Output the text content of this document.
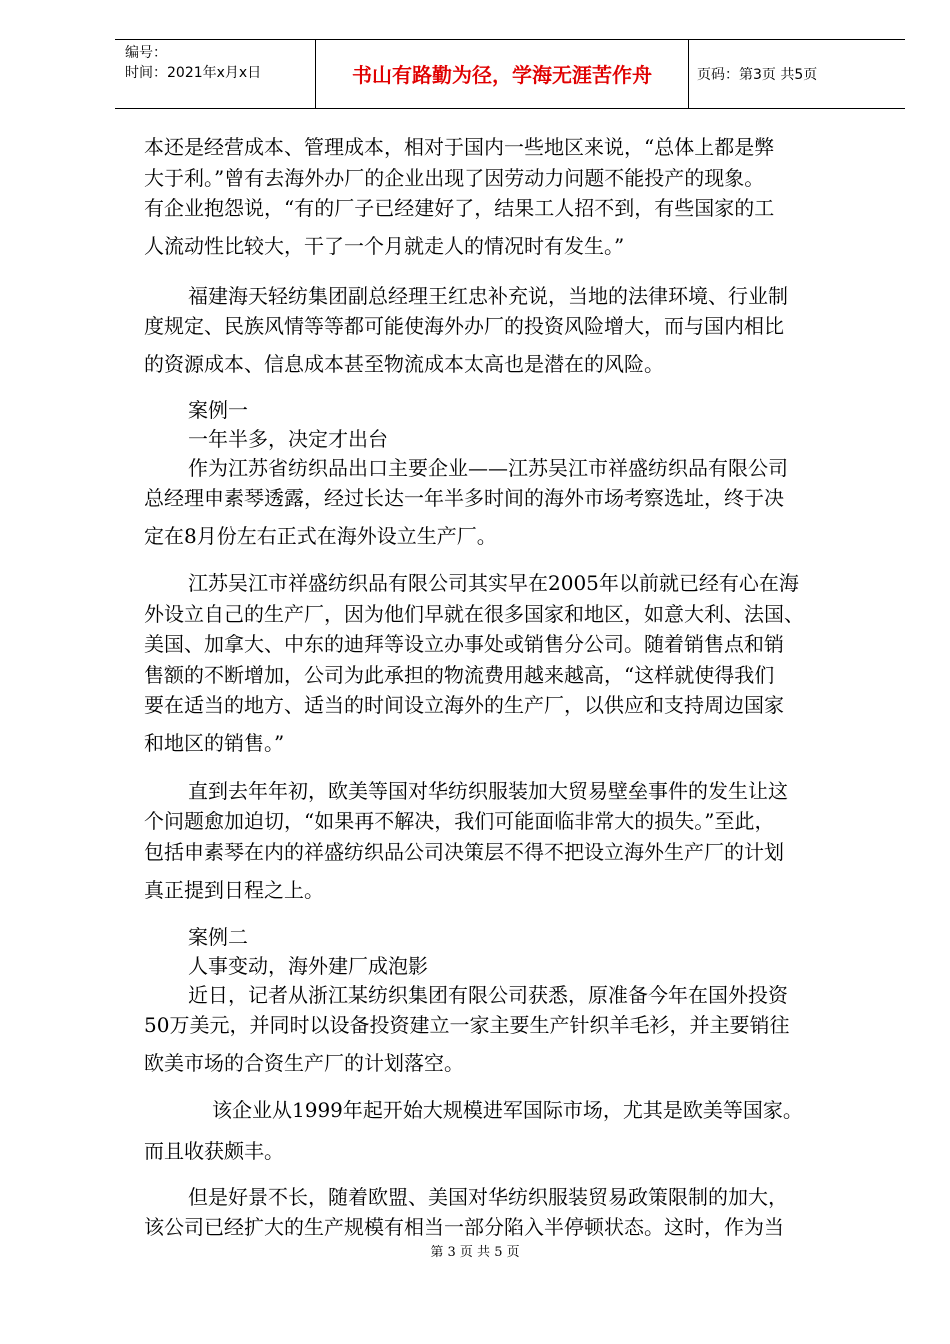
编号：
时间：2021年x月x日	书山有路勤为径，学海无涯苦作舟	页码：第3页 共5页
本还是经营成本、管理成本，相对于国内一些地区来说，“总体上都是弊
大于利。”曾有去海外办厂的企业出现了因劳动力问题不能投产的现象。
有企业抱怨说，“有的厂子已经建好了，结果工人招不到，有些国家的工
人流动性比较大，干了一个月就走人的情况时有发生。”
福建海天轻纺集团副总经理王红忠补充说，当地的法律环境、行业制
度规定、民族风情等等都可能使海外办厂的投资风险增大，而与国内相比
的资源成本、信息成本甚至物流成本太高也是潜在的风险。
案例一
一年半多，决定才出台
作为江苏省纺织品出口主要企业——江苏吴江市祥盛纺织品有限公司
总经理申素琴透露，经过长达一年半多时间的海外市场考察选址，终于决
定在8月份左右正式在海外设立生产厂。
江苏吴江市祥盛纺织品有限公司其实早在2005年以前就已经有心在海
外设立自己的生产厂，因为他们早就在很多国家和地区，如意大利、法国、
美国、加拿大、中东的迪拜等设立办事处或销售分公司。随着销售点和销
售额的不断增加，公司为此承担的物流费用越来越高，“这样就使得我们
要在适当的地方、适当的时间设立海外的生产厂，以供应和支持周边国家
和地区的销售。”
直到去年年初，欧美等国对华纺织服装加大贸易壁垒事件的发生让这
个问题愈加迫切，“如果再不解决，我们可能面临非常大的损失。”至此，
包括申素琴在内的祥盛纺织品公司决策层不得不把设立海外生产厂的计划
真正提到日程之上。
案例二
人事变动，海外建厂成泡影
近日，记者从浙江某纺织集团有限公司获悉，原准备今年在国外投资
50万美元，并同时以设备投资建立一家主要生产针织羊毛衫，并主要销往
欧美市场的合资生产厂的计划落空。
该企业从1999年起开始大规模进军国际市场，尤其是欧美等国家。
而且收获颇丰。
但是好景不长，随着欧盟、美国对华纺织服装贸易政策限制的加大，
该公司已经扩大的生产规模有相当一部分陷入半停顿状态。这时，作为当
第 3 页 共 5 页
